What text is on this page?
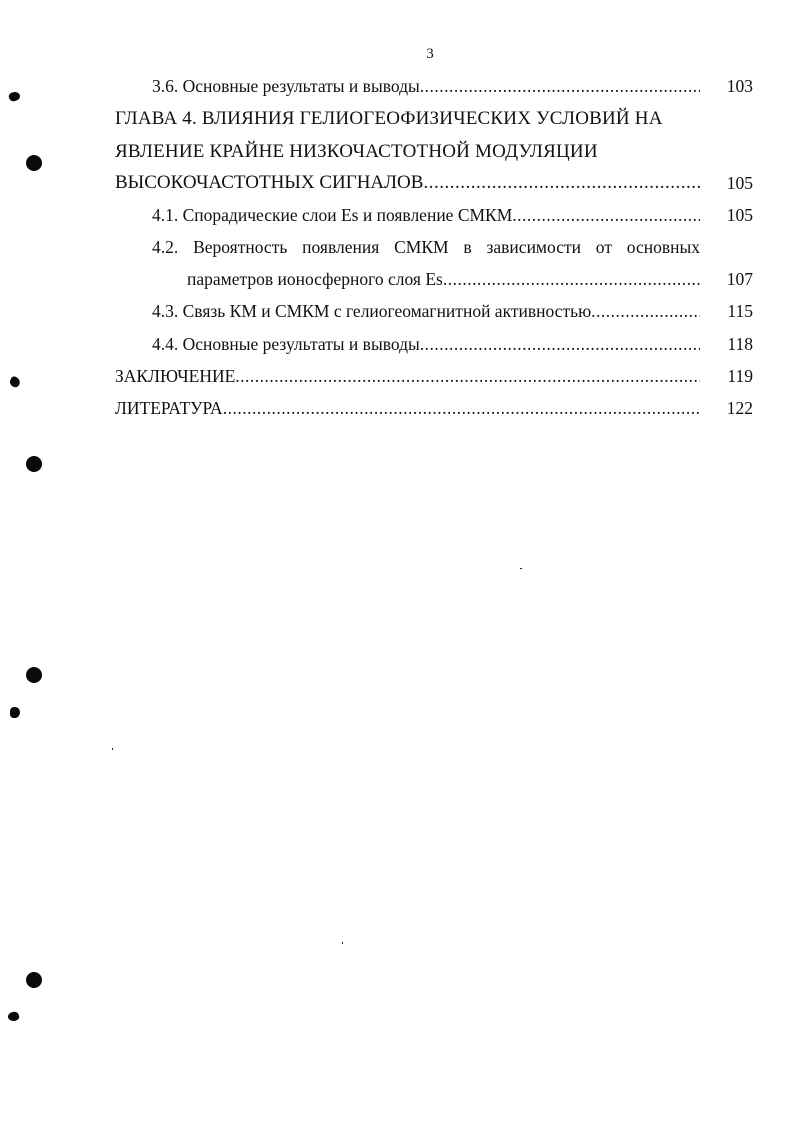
3
3.6. Основные результаты и выводы .....	103
ГЛАВА 4. ВЛИЯНИЯ ГЕЛИОГЕОФИЗИЧЕСКИХ УСЛОВИЙ НА
ЯВЛЕНИЕ КРАЙНЕ НИЗКОЧАСТОТНОЙ МОДУЛЯЦИИ
ВЫСОКОЧАСТОТНЫХ СИГНАЛОВ .....	105
4.1. Спорадические слои Es и появление СМКМ .....	105
4.2. Вероятность появления СМКМ в зависимости от основных
параметров ионосферного слоя Es .....	107
4.3. Связь КМ и СМКМ с гелиогеомагнитной активностью .....	115
4.4. Основные результаты и выводы .....	118
ЗАКЛЮЧЕНИЕ .....	119
ЛИТЕРАТУРА .....	122
